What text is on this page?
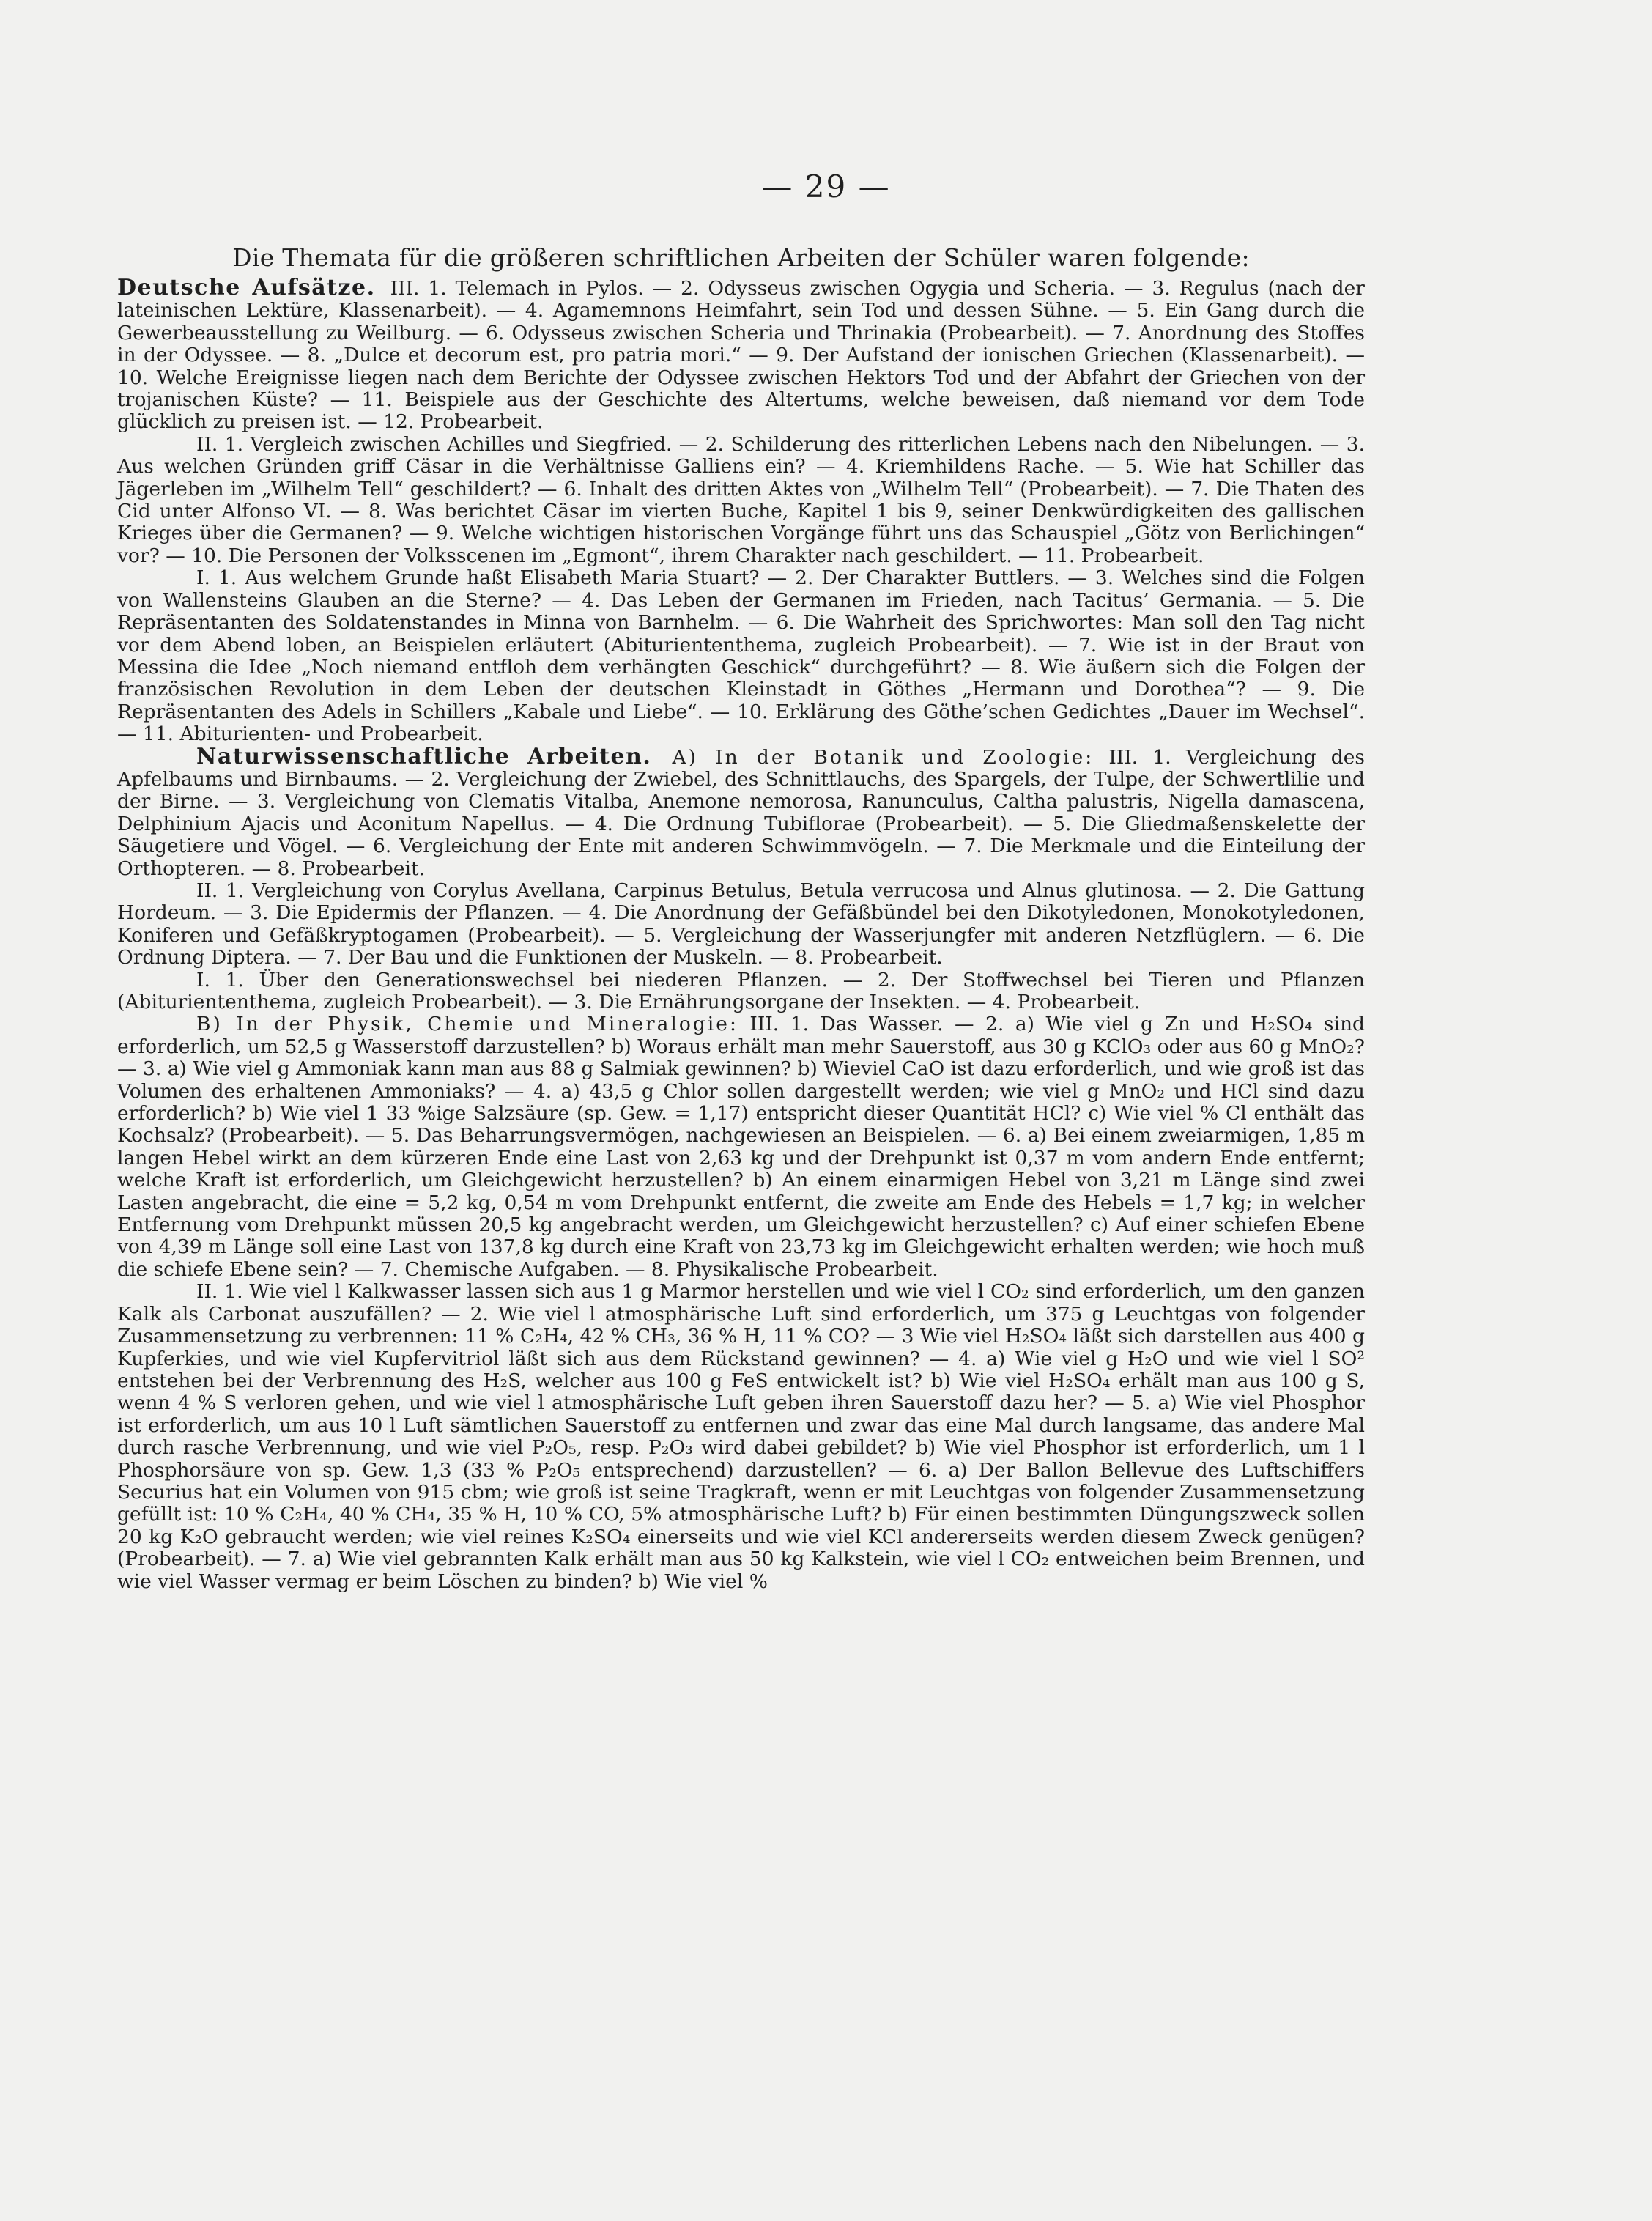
— 29 —

Die Themata für die größeren schriftlichen Arbeiten der Schüler waren folgende:

Deutsche Aufsätze. III. 1. Telemach in Pylos. — 2. Odysseus zwischen Ogygia und Scheria. — 3. Regulus (nach der lateinischen Lektüre, Klassenarbeit). — 4. Agamemnons Heimfahrt, sein Tod und dessen Sühne. — 5. Ein Gang durch die Gewerbeausstellung zu Weilburg. — 6. Odysseus zwischen Scheria und Thrinakia (Probearbeit). — 7. Anordnung des Stoffes in der Odyssee. — 8. „Dulce et decorum est, pro patria mori.“ — 9. Der Aufstand der ionischen Griechen (Klassenarbeit). — 10. Welche Ereignisse liegen nach dem Berichte der Odyssee zwischen Hektors Tod und der Abfahrt der Griechen von der trojanischen Küste? — 11. Beispiele aus der Geschichte des Altertums, welche beweisen, daß niemand vor dem Tode glücklich zu preisen ist. — 12. Probearbeit.

II. 1. Vergleich zwischen Achilles und Siegfried. — 2. Schilderung des ritterlichen Lebens nach den Nibelungen. — 3. Aus welchen Gründen griff Cäsar in die Verhältnisse Galliens ein? — 4. Kriemhildens Rache. — 5. Wie hat Schiller das Jägerleben im „Wilhelm Tell“ geschildert? — 6. Inhalt des dritten Aktes von „Wilhelm Tell“ (Probearbeit). — 7. Die Thaten des Cid unter Alfonso VI. — 8. Was berichtet Cäsar im vierten Buche, Kapitel 1 bis 9, seiner Denkwürdigkeiten des gallischen Krieges über die Germanen? — 9. Welche wichtigen historischen Vorgänge führt uns das Schauspiel „Götz von Berlichingen“ vor? — 10. Die Personen der Volksscenen im „Egmont“, ihrem Charakter nach geschildert. — 11. Probearbeit.

I. 1. Aus welchem Grunde haßt Elisabeth Maria Stuart? — 2. Der Charakter Buttlers. — 3. Welches sind die Folgen von Wallensteins Glauben an die Sterne? — 4. Das Leben der Germanen im Frieden, nach Tacitus’ Germania. — 5. Die Repräsentanten des Soldatenstandes in Minna von Barnhelm. — 6. Die Wahrheit des Sprichwortes: Man soll den Tag nicht vor dem Abend loben, an Beispielen erläutert (Abituriententhema, zugleich Probearbeit). — 7. Wie ist in der Braut von Messina die Idee „Noch niemand entfloh dem verhängten Geschick“ durchgeführt? — 8. Wie äußern sich die Folgen der französischen Revolution in dem Leben der deutschen Kleinstadt in Göthes „Hermann und Dorothea“? — 9. Die Repräsentanten des Adels in Schillers „Kabale und Liebe“. — 10. Erklärung des Göthe’schen Gedichtes „Dauer im Wechsel“. — 11. Abiturienten- und Probearbeit.

Naturwissenschaftliche Arbeiten. A) In der Botanik und Zoologie: III. 1. Vergleichung des Apfelbaums und Birnbaums. — 2. Vergleichung der Zwiebel, des Schnittlauchs, des Spargels, der Tulpe, der Schwertlilie und der Birne. — 3. Vergleichung von Clematis Vitalba, Anemone nemorosa, Ranunculus, Caltha palustris, Nigella damascena, Delphinium Ajacis und Aconitum Napellus. — 4. Die Ordnung Tubiflorae (Probearbeit). — 5. Die Gliedmaßenskelette der Säugetiere und Vögel. — 6. Vergleichung der Ente mit anderen Schwimmvögeln. — 7. Die Merkmale und die Einteilung der Orthopteren. — 8. Probearbeit.

II. 1. Vergleichung von Corylus Avellana, Carpinus Betulus, Betula verrucosa und Alnus glutinosa. — 2. Die Gattung Hordeum. — 3. Die Epidermis der Pflanzen. — 4. Die Anordnung der Gefäßbündel bei den Dikotyledonen, Monokotyledonen, Koniferen und Gefäßkryptogamen (Probearbeit). — 5. Vergleichung der Wasserjungfer mit anderen Netzflüglern. — 6. Die Ordnung Diptera. — 7. Der Bau und die Funktionen der Muskeln. — 8. Probearbeit.

I. 1. Über den Generationswechsel bei niederen Pflanzen. — 2. Der Stoffwechsel bei Tieren und Pflanzen (Abituriententhema, zugleich Probearbeit). — 3. Die Ernährungsorgane der Insekten. — 4. Probearbeit.

B) In der Physik, Chemie und Mineralogie: III. 1. Das Wasser. — 2. a) Wie viel g Zn und H₂SO₄ sind erforderlich, um 52,5 g Wasserstoff darzustellen? b) Woraus erhält man mehr Sauerstoff, aus 30 g KClO₃ oder aus 60 g MnO₂? — 3. a) Wie viel g Ammoniak kann man aus 88 g Salmiak gewinnen? b) Wieviel CaO ist dazu erforderlich, und wie groß ist das Volumen des erhaltenen Ammoniaks? — 4. a) 43,5 g Chlor sollen dargestellt werden; wie viel g MnO₂ und HCl sind dazu erforderlich? b) Wie viel 1 33 %ige Salzsäure (sp. Gew. = 1,17) entspricht dieser Quantität HCl? c) Wie viel % Cl enthält das Kochsalz? (Probearbeit). — 5. Das Beharrungsvermögen, nachgewiesen an Beispielen. — 6. a) Bei einem zweiarmigen, 1,85 m langen Hebel wirkt an dem kürzeren Ende eine Last von 2,63 kg und der Drehpunkt ist 0,37 m vom andern Ende entfernt; welche Kraft ist erforderlich, um Gleichgewicht herzustellen? b) An einem einarmigen Hebel von 3,21 m Länge sind zwei Lasten angebracht, die eine = 5,2 kg, 0,54 m vom Drehpunkt entfernt, die zweite am Ende des Hebels = 1,7 kg; in welcher Entfernung vom Drehpunkt müssen 20,5 kg angebracht werden, um Gleichgewicht herzustellen? c) Auf einer schiefen Ebene von 4,39 m Länge soll eine Last von 137,8 kg durch eine Kraft von 23,73 kg im Gleichgewicht erhalten werden; wie hoch muß die schiefe Ebene sein? — 7. Chemische Aufgaben. — 8. Physikalische Probearbeit.

II. 1. Wie viel l Kalkwasser lassen sich aus 1 g Marmor herstellen und wie viel l CO₂ sind erforderlich, um den ganzen Kalk als Carbonat auszufällen? — 2. Wie viel l atmosphärische Luft sind erforderlich, um 375 g Leuchtgas von folgender Zusammensetzung zu verbrennen: 11 % C₂H₄, 42 % CH₃, 36 % H, 11 % CO? — 3 Wie viel H₂SO₄ läßt sich darstellen aus 400 g Kupferkies, und wie viel Kupfervitriol läßt sich aus dem Rückstand gewinnen? — 4. a) Wie viel g H₂O und wie viel l SO² entstehen bei der Verbrennung des H₂S, welcher aus 100 g FeS entwickelt ist? b) Wie viel H₂SO₄ erhält man aus 100 g S, wenn 4 % S verloren gehen, und wie viel l atmosphärische Luft geben ihren Sauerstoff dazu her? — 5. a) Wie viel Phosphor ist erforderlich, um aus 10 l Luft sämtlichen Sauerstoff zu entfernen und zwar das eine Mal durch langsame, das andere Mal durch rasche Verbrennung, und wie viel P₂O₅, resp. P₂O₃ wird dabei gebildet? b) Wie viel Phosphor ist erforderlich, um 1 l Phosphorsäure von sp. Gew. 1,3 (33 % P₂O₅ entsprechend) darzustellen? — 6. a) Der Ballon Bellevue des Luftschiffers Securius hat ein Volumen von 915 cbm; wie groß ist seine Tragkraft, wenn er mit Leuchtgas von folgender Zusammensetzung gefüllt ist: 10 % C₂H₄, 40 % CH₄, 35 % H, 10 % CO, 5% atmosphärische Luft? b) Für einen bestimmten Düngungszweck sollen 20 kg K₂O gebraucht werden; wie viel reines K₂SO₄ einerseits und wie viel KCl andererseits werden diesem Zweck genügen? (Probearbeit). — 7. a) Wie viel gebrannten Kalk erhält man aus 50 kg Kalkstein, wie viel l CO₂ entweichen beim Brennen, und wie viel Wasser vermag er beim Löschen zu binden? b) Wie viel %
